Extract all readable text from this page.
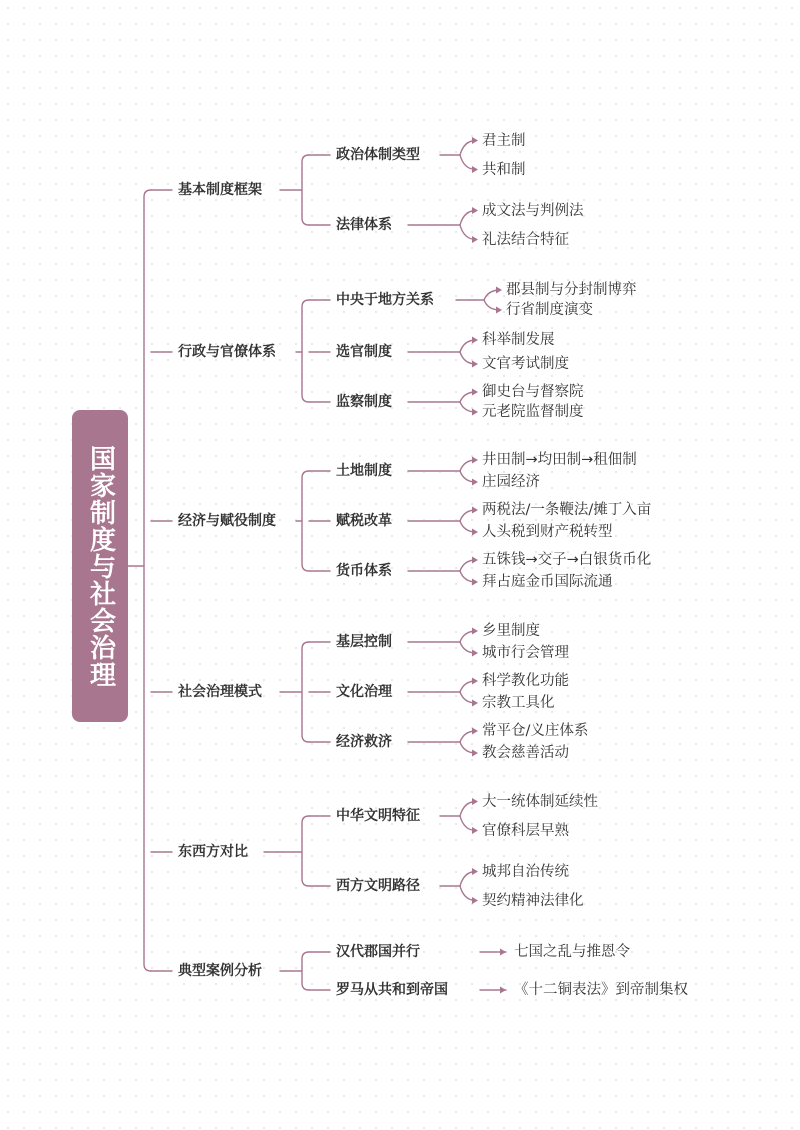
国家制度与社会治理
基本制度框架
政治体制类型
君主制
共和制
法律体系
成文法与判例法
礼法结合特征
行政与官僚体系
中央于地方关系
郡县制与分封制博弈
行省制度演变
选官制度
科举制发展
文官考试制度
监察制度
御史台与督察院
元老院监督制度
经济与赋役制度
土地制度
井田制→均田制→租佃制
庄园经济
赋税改革
两税法/一条鞭法/摊丁入亩
人头税到财产税转型
货币体系
五铢钱→交子→白银货币化
拜占庭金币国际流通
社会治理模式
基层控制
乡里制度
城市行会管理
文化治理
科学教化功能
宗教工具化
经济救济
常平仓/义庄体系
教会慈善活动
东西方对比
中华文明特征
大一统体制延续性
官僚科层早熟
西方文明路径
城邦自治传统
契约精神法律化
典型案例分析
汉代郡国并行	七国之乱与推恩令
罗马从共和到帝国	《十二铜表法》到帝制集权
